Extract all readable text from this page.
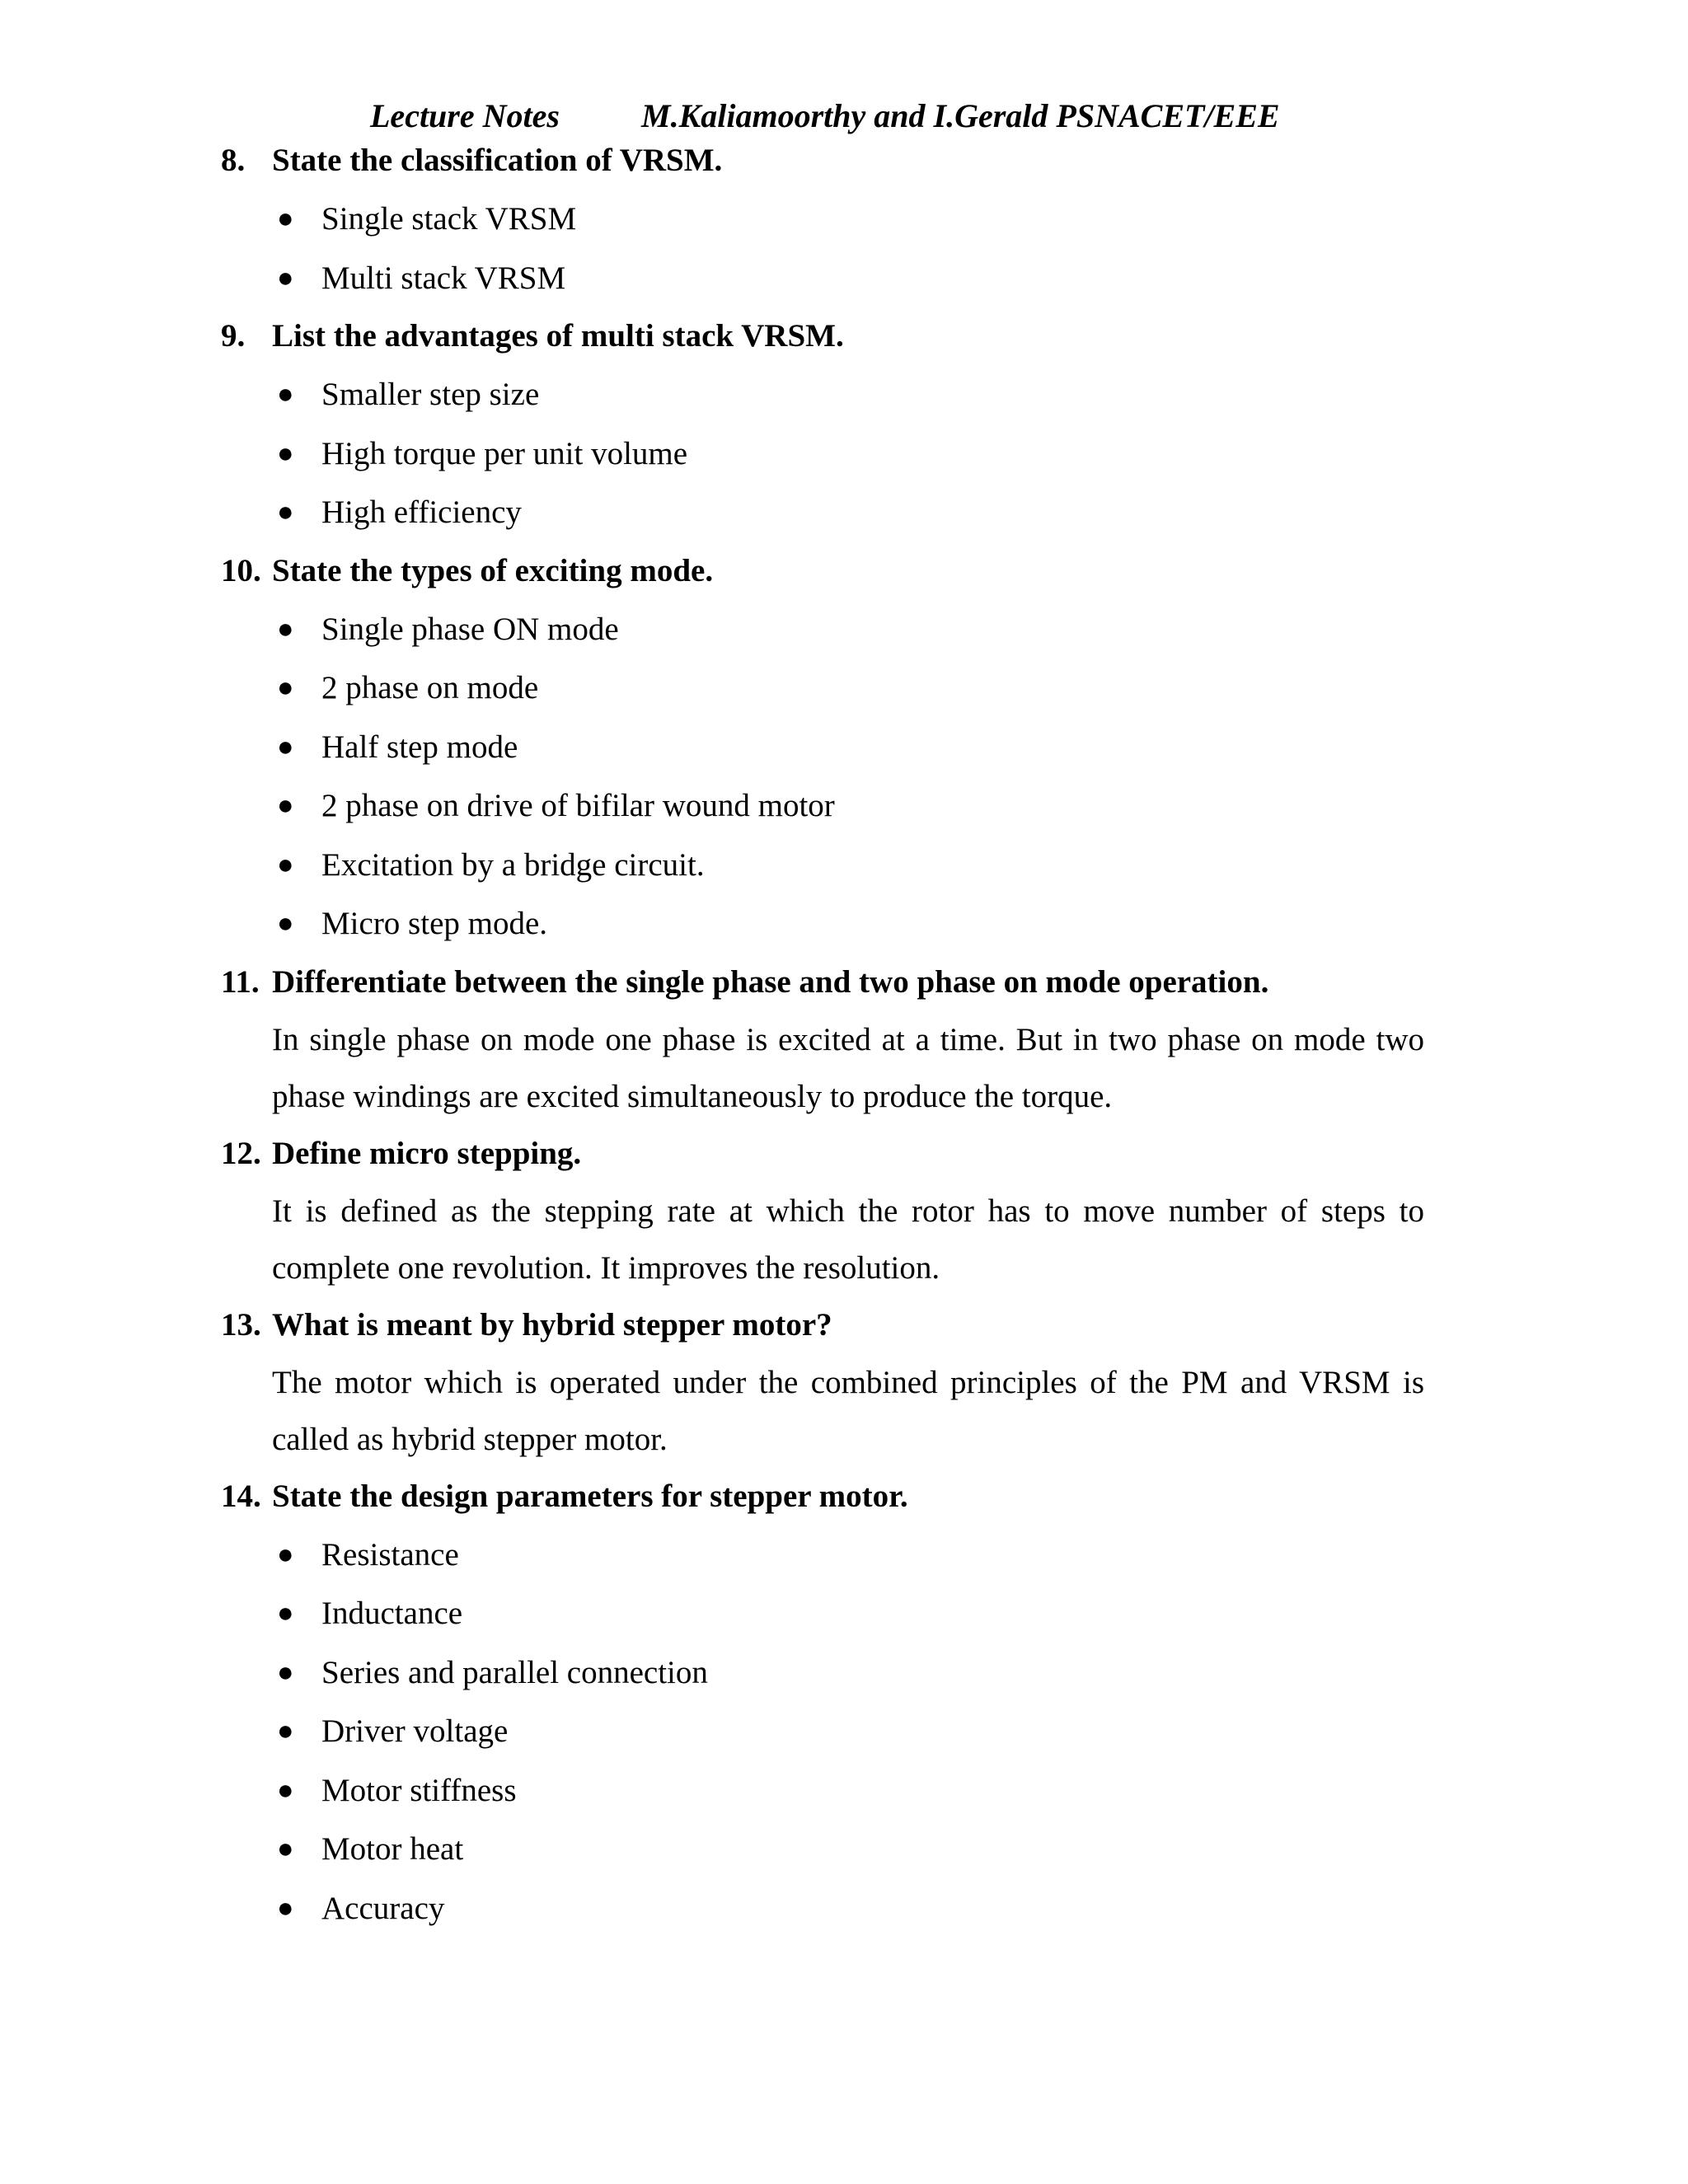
Lecture Notes M.Kaliamoorthy and I.Gerald PSNACET/EEE
8. State the classification of VRSM.
● Single stack VRSM
● Multi stack VRSM
9. List the advantages of multi stack VRSM.
● Smaller step size
● High torque per unit volume
● High efficiency
10. State the types of exciting mode.
● Single phase ON mode
● 2 phase on mode
● Half step mode
● 2 phase on drive of bifilar wound motor
● Excitation by a bridge circuit.
● Micro step mode.
11. Differentiate between the single phase and two phase on mode operation.

In single phase on mode one phase is excited at a time. But in two phase on mode two phase windings are excited simultaneously to produce the torque.

12. Define micro stepping.

It is defined as the stepping rate at which the rotor has to move number of steps to complete one revolution. It improves the resolution.

13. What is meant by hybrid stepper motor?

The motor which is operated under the combined principles of the PM and VRSM is called as hybrid stepper motor.

14. State the design parameters for stepper motor.
● Resistance
● Inductance
● Series and parallel connection
● Driver voltage
● Motor stiffness
● Motor heat
● Accuracy
